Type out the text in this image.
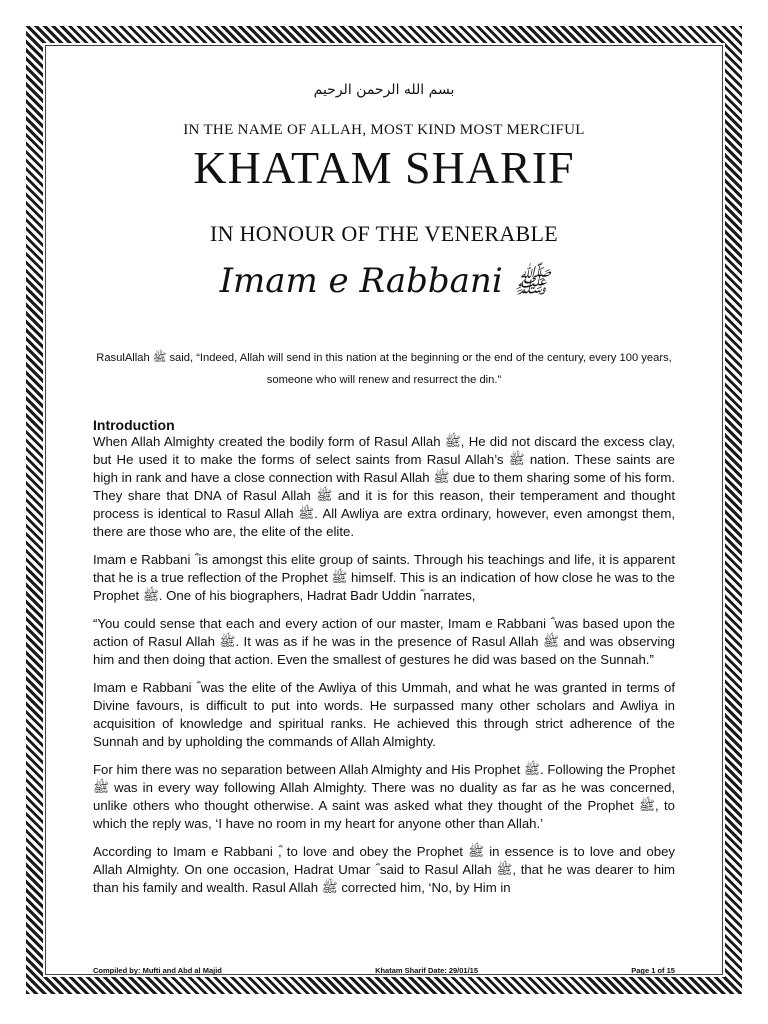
بسم الله الرحمن الرحيم
IN THE NAME OF ALLAH, MOST KIND MOST MERCIFUL
KHATAM SHARIF
IN HONOUR OF THE VENERABLE
Imam e Rabbani ﷺ

RasulAllah ﷺ said, “Indeed, Allah will send in this nation at the beginning or the end of the century, every 100 years, someone who will renew and resurrect the din.”

Introduction

When Allah Almighty created the bodily form of Rasul Allah ﷺ, He did not discard the excess clay, but He used it to make the forms of select saints from Rasul Allah’s ﷺ nation. These saints are high in rank and have a close connection with Rasul Allah ﷺ due to them sharing some of his form. They share that DNA of Rasul Allah ﷺ and it is for this reason, their temperament and thought process is identical to Rasul Allah ﷺ. All Awliya are extra ordinary, however, even amongst them, there are those who are, the elite of the elite.

Imam e Rabbani ؓ is amongst this elite group of saints. Through his teachings and life, it is apparent that he is a true reflection of the Prophet ﷺ himself. This is an indication of how close he was to the Prophet ﷺ. One of his biographers, Hadrat Badr Uddin ؓ narrates,

“You could sense that each and every action of our master, Imam e Rabbani ؓ was based upon the action of Rasul Allah ﷺ. It was as if he was in the presence of Rasul Allah ﷺ and was observing him and then doing that action. Even the smallest of gestures he did was based on the Sunnah.”

Imam e Rabbani ؓ was the elite of the Awliya of this Ummah, and what he was granted in terms of Divine favours, is difficult to put into words. He surpassed many other scholars and Awliya in acquisition of knowledge and spiritual ranks. He achieved this through strict adherence of the Sunnah and by upholding the commands of Allah Almighty.

For him there was no separation between Allah Almighty and His Prophet ﷺ. Following the Prophet ﷺ was in every way following Allah Almighty. There was no duality as far as he was concerned, unlike others who thought otherwise. A saint was asked what they thought of the Prophet ﷺ, to which the reply was, ‘I have no room in my heart for anyone other than Allah.’

According to Imam e Rabbani ؓ, to love and obey the Prophet ﷺ in essence is to love and obey Allah Almighty. On one occasion, Hadrat Umar ؓ said to Rasul Allah ﷺ, that he was dearer to him than his family and wealth. Rasul Allah ﷺ corrected him, ‘No, by Him in

Compiled by: Mufti and Abd al Majid	Khatam Sharif Date: 29/01/15	Page 1 of 15
